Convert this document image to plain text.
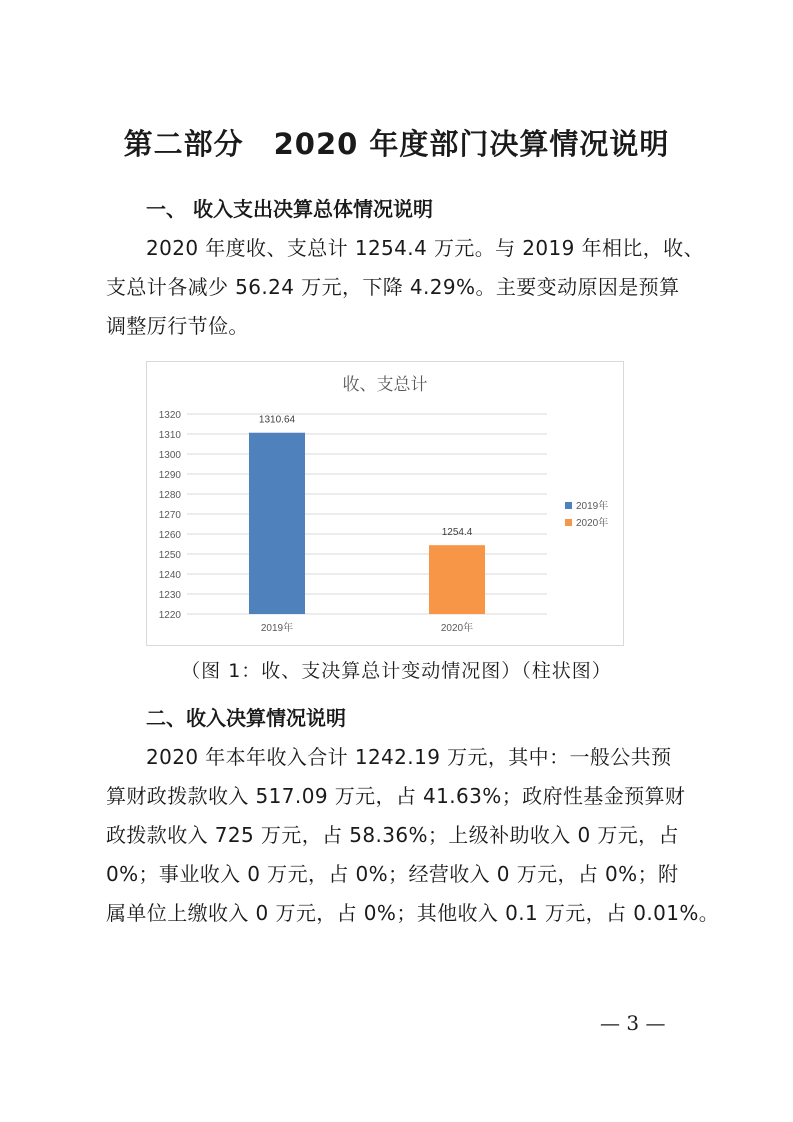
第二部分 2020 年度部门决算情况说明
一、 收入支出决算总体情况说明
2020 年度收、支总计 1254.4 万元。与 2019 年相比，收、
支总计各减少 56.24 万元，下降 4.29%。主要变动原因是预算
调整厉行节俭。
收、支总计
1220
1230
1240
1250
1260
1270
1280
1290
1300
1310
1320	1310.64
2019年
1254.4
2020年
2019年
2020年
（图 1：收、支决算总计变动情况图）（柱状图）
二、收入决算情况说明
2020 年本年收入合计 1242.19 万元，其中：一般公共预
算财政拨款收入 517.09 万元，占 41.63%；政府性基金预算财
政拨款收入 725 万元，占 58.36%；上级补助收入 0 万元，占
0%；事业收入 0 万元，占 0%；经营收入 0 万元，占 0%；附
属单位上缴收入 0 万元，占 0%；其他收入 0.1 万元，占 0.01%。
— 3 —
